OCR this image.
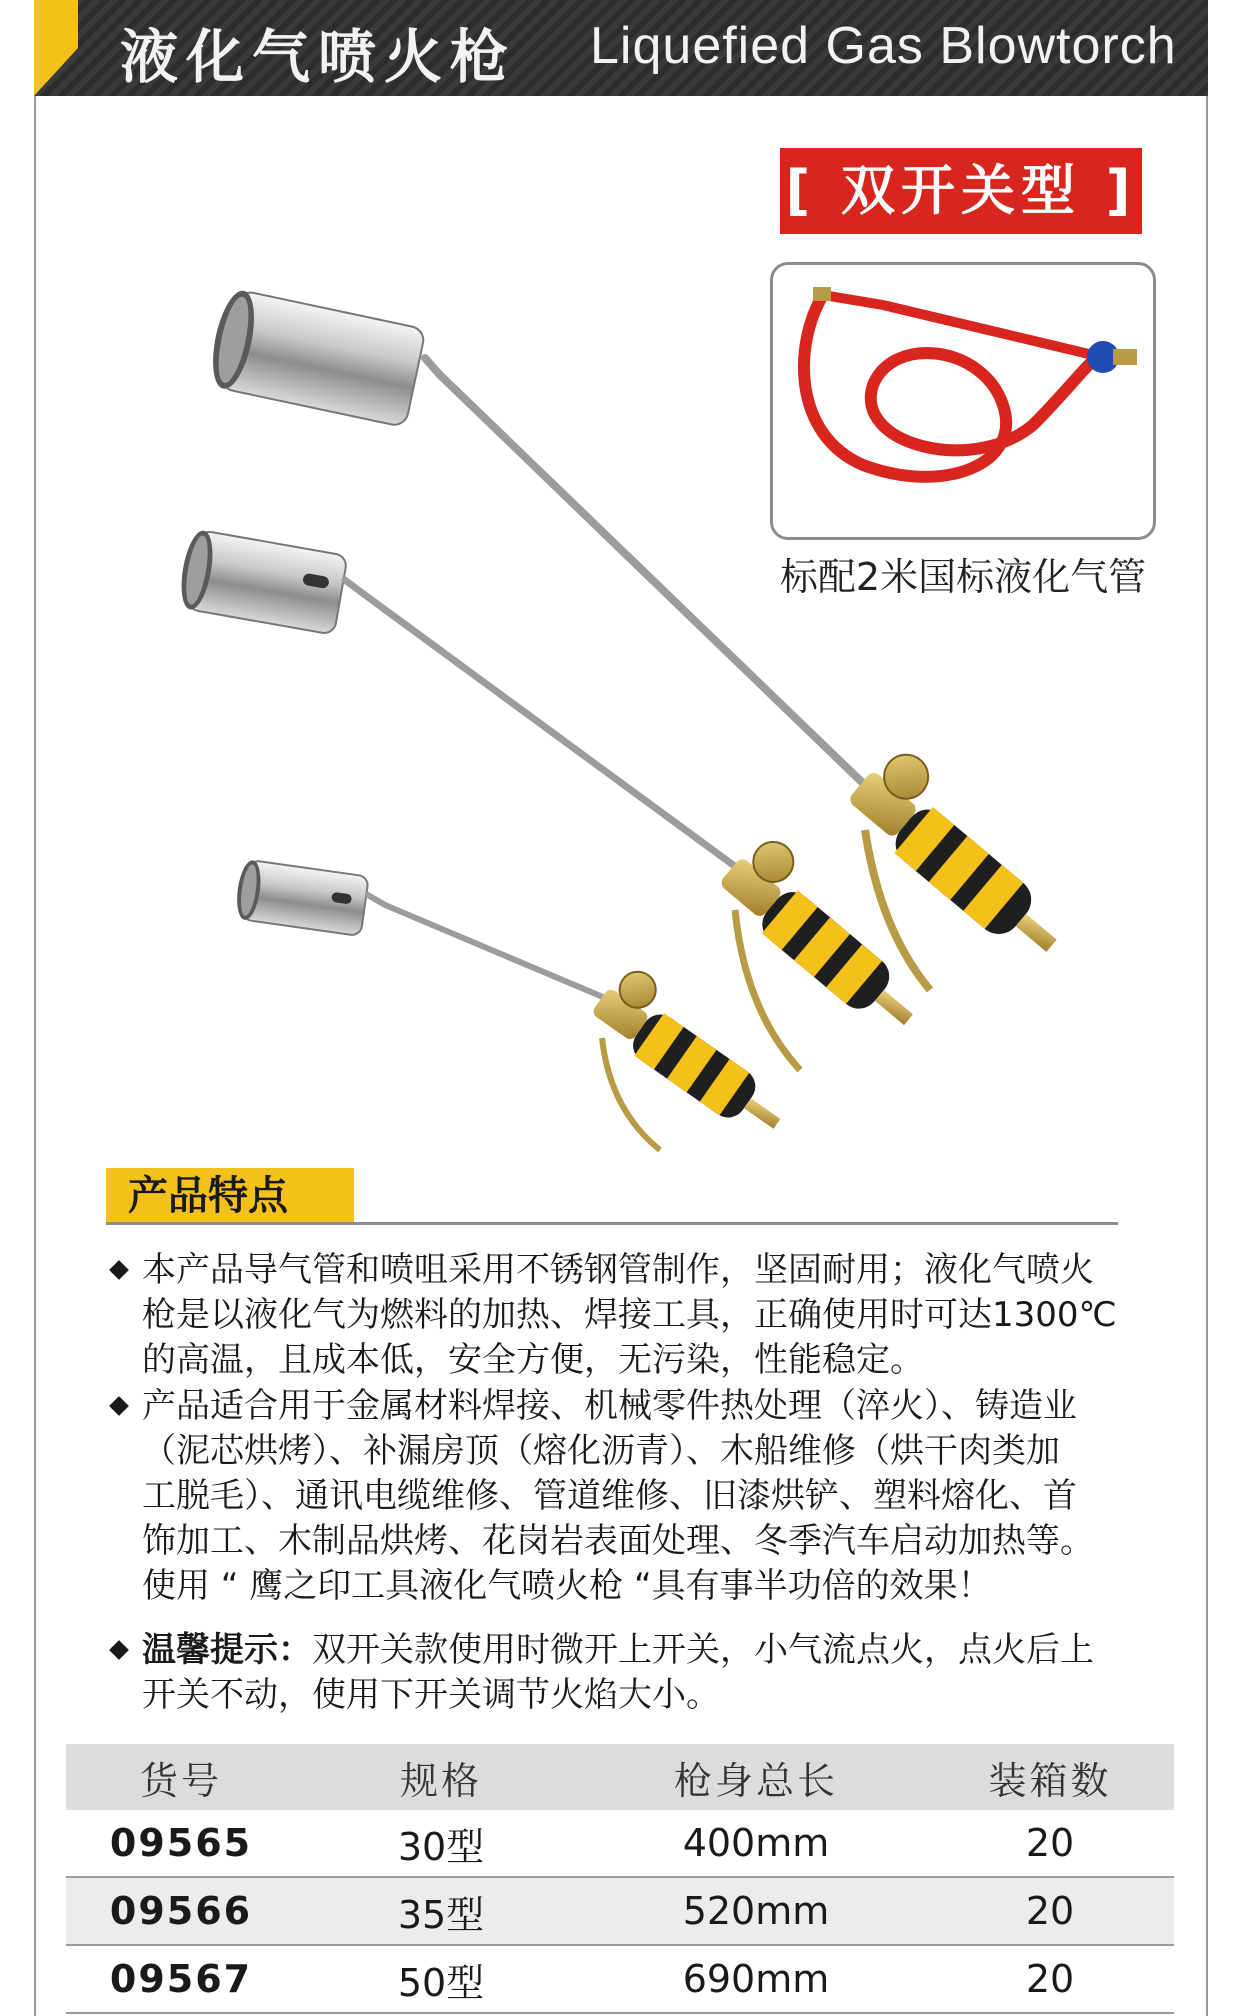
液化气喷火枪 Liquefied Gas Blowtorch
[ 双开关型 ]
标配2米国标液化气管
产品特点
本产品导气管和喷咀采用不锈钢管制作，坚固耐用；液化气喷火
枪是以液化气为燃料的加热、焊接工具，正确使用时可达1300℃
的高温，且成本低，安全方便，无污染，性能稳定。
产品适合用于金属材料焊接、机械零件热处理（淬火）、铸造业
（泥芯烘烤）、补漏房顶（熔化沥青）、木船维修（烘干肉类加
工脱毛）、通讯电缆维修、管道维修、旧漆烘铲、塑料熔化、首
饰加工、木制品烘烤、花岗岩表面处理、冬季汽车启动加热等。
使用 “ 鹰之印工具液化气喷火枪 “具有事半功倍的效果！
温馨提示：双开关款使用时微开上开关，小气流点火，点火后上
开关不动，使用下开关调节火焰大小。
货号	规格	枪身总长	装箱数
09565	30型	400mm	20
09566	35型	520mm	20
09567	50型	690mm	20
